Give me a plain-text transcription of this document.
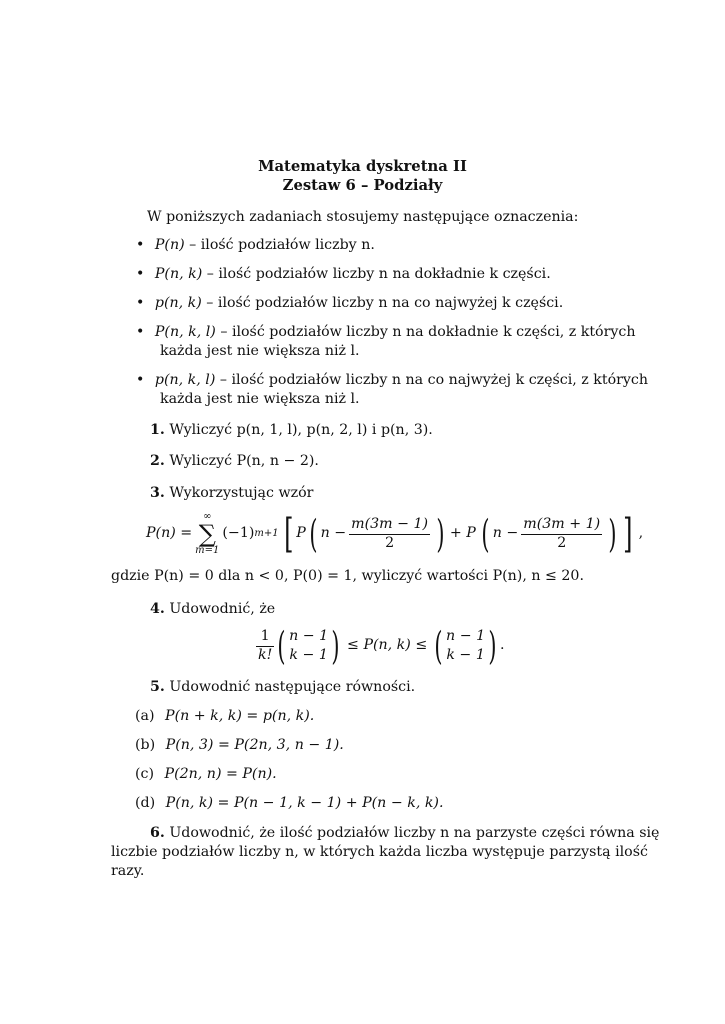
Matematyka dyskretna II
Zestaw 6 – Podziały
W poniższych zadaniach stosujemy następujące oznaczenia:
• P(n) – ilość podziałów liczby n.
• P(n, k) – ilość podziałów liczby n na dokładnie k części.
• p(n, k) – ilość podziałów liczby n na co najwyżej k części.
• P(n, k, l) – ilość podziałów liczby n na dokładnie k części, z których
każda jest nie większa niż l.
• p(n, k, l) – ilość podziałów liczby n na co najwyżej k części, z których
każda jest nie większa niż l.
1. Wyliczyć p(n, 1, l), p(n, 2, l) i p(n, 3).
2. Wyliczyć P(n, n − 2).
3. Wykorzystując wzór
P(n) =
∞
∑
m=1
(−1) m+1 [ P ( $n - \frac{m(3m - 1)}{2}$ ) + P ( $n - \frac{m(3m + 1)}{2}$ ) ] ,
gdzie P(n) = 0 dla n < 0, P(0) = 1, wyliczyć wartości P(n), n ≤ 20.
4. Udowodnić, że
$\frac{1}{k!}$ ( n − 1
k − 1 ) ≤ P(n, k) ≤ ( n − 1
k − 1 ) .
5. Udowodnić następujące równości.
(a) P(n + k, k) = p(n, k).
(b) P(n, 3) = P(2n, 3, n − 1).
(c) P(2n, n) = P(n).
(d) P(n, k) = P(n − 1, k − 1) + P(n − k, k).
6. Udowodnić, że ilość podziałów liczby n na parzyste części równa się
liczbie podziałów liczby n, w których każda liczba występuje parzystą ilość
razy.
